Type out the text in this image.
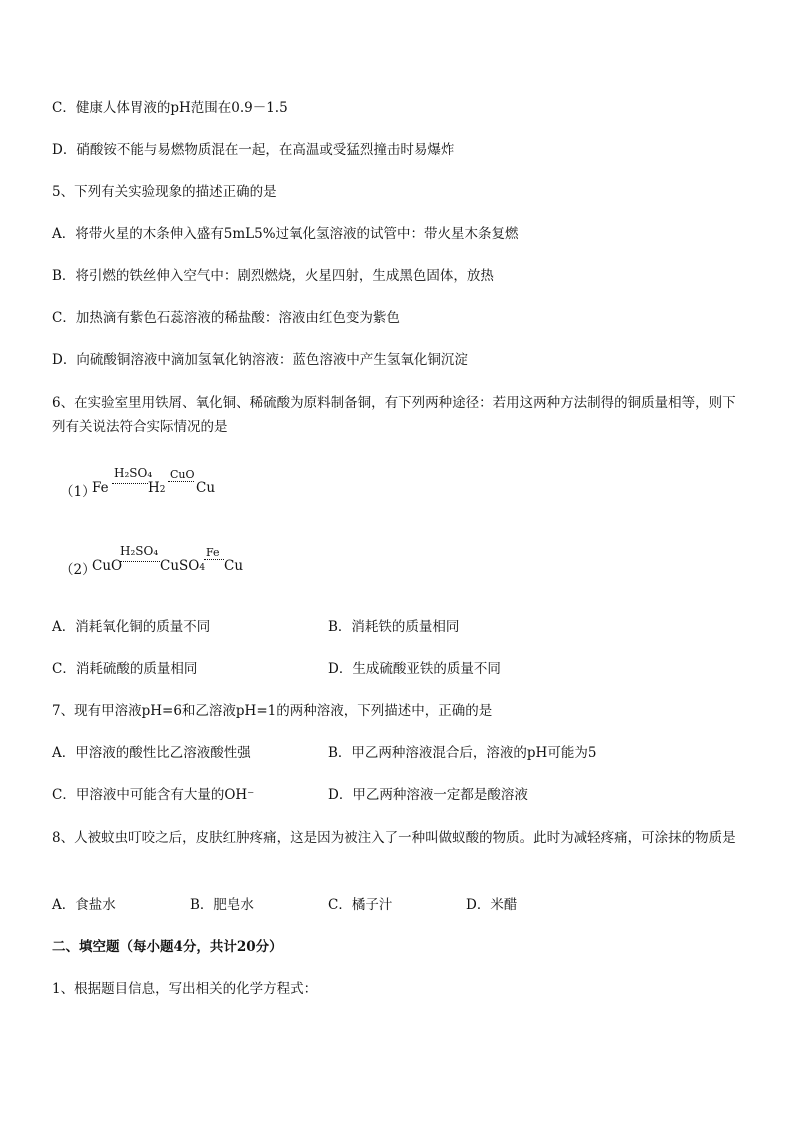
C．健康人体胃液的pH范围在0.9－1.5
D．硝酸铵不能与易燃物质混在一起，在高温或受猛烈撞击时易爆炸
5、下列有关实验现象的描述正确的是
A．将带火星的木条伸入盛有5mL5%过氧化氢溶液的试管中：带火星木条复燃
B．将引燃的铁丝伸入空气中：剧烈燃烧，火星四射，生成黑色固体，放热
C．加热滴有紫色石蕊溶液的稀盐酸：溶液由红色变为紫色
D．向硫酸铜溶液中滴加氢氧化钠溶液：蓝色溶液中产生氢氧化铜沉淀
6、在实验室里用铁屑、氧化铜、稀硫酸为原料制备铜，有下列两种途径：若用这两种方法制得的铜质量相等，则下列有关说法符合实际情况的是
（1）
Fe
H₂SO₄
H2
CuO
Cu
（2）
CuO
H₂SO₄
CuSO4
Fe
Cu
A．消耗氧化铜的质量不同	B．消耗铁的质量相同
C．消耗硫酸的质量相同	D．生成硫酸亚铁的质量不同
7、现有甲溶液pH=6和乙溶液pH=1的两种溶液，下列描述中，正确的是
A．甲溶液的酸性比乙溶液酸性强	B．甲乙两种溶液混合后，溶液的pH可能为5
C．甲溶液中可能含有大量的OH⁻	D．甲乙两种溶液一定都是酸溶液
8、人被蚊虫叮咬之后，皮肤红肿疼痛，这是因为被注入了一种叫做蚁酸的物质。此时为减轻疼痛，可涂抹的物质是
A．食盐水	B．肥皂水	C．橘子汁	D．米醋
二、填空题（每小题4分，共计20分）
1、根据题目信息，写出相关的化学方程式：
